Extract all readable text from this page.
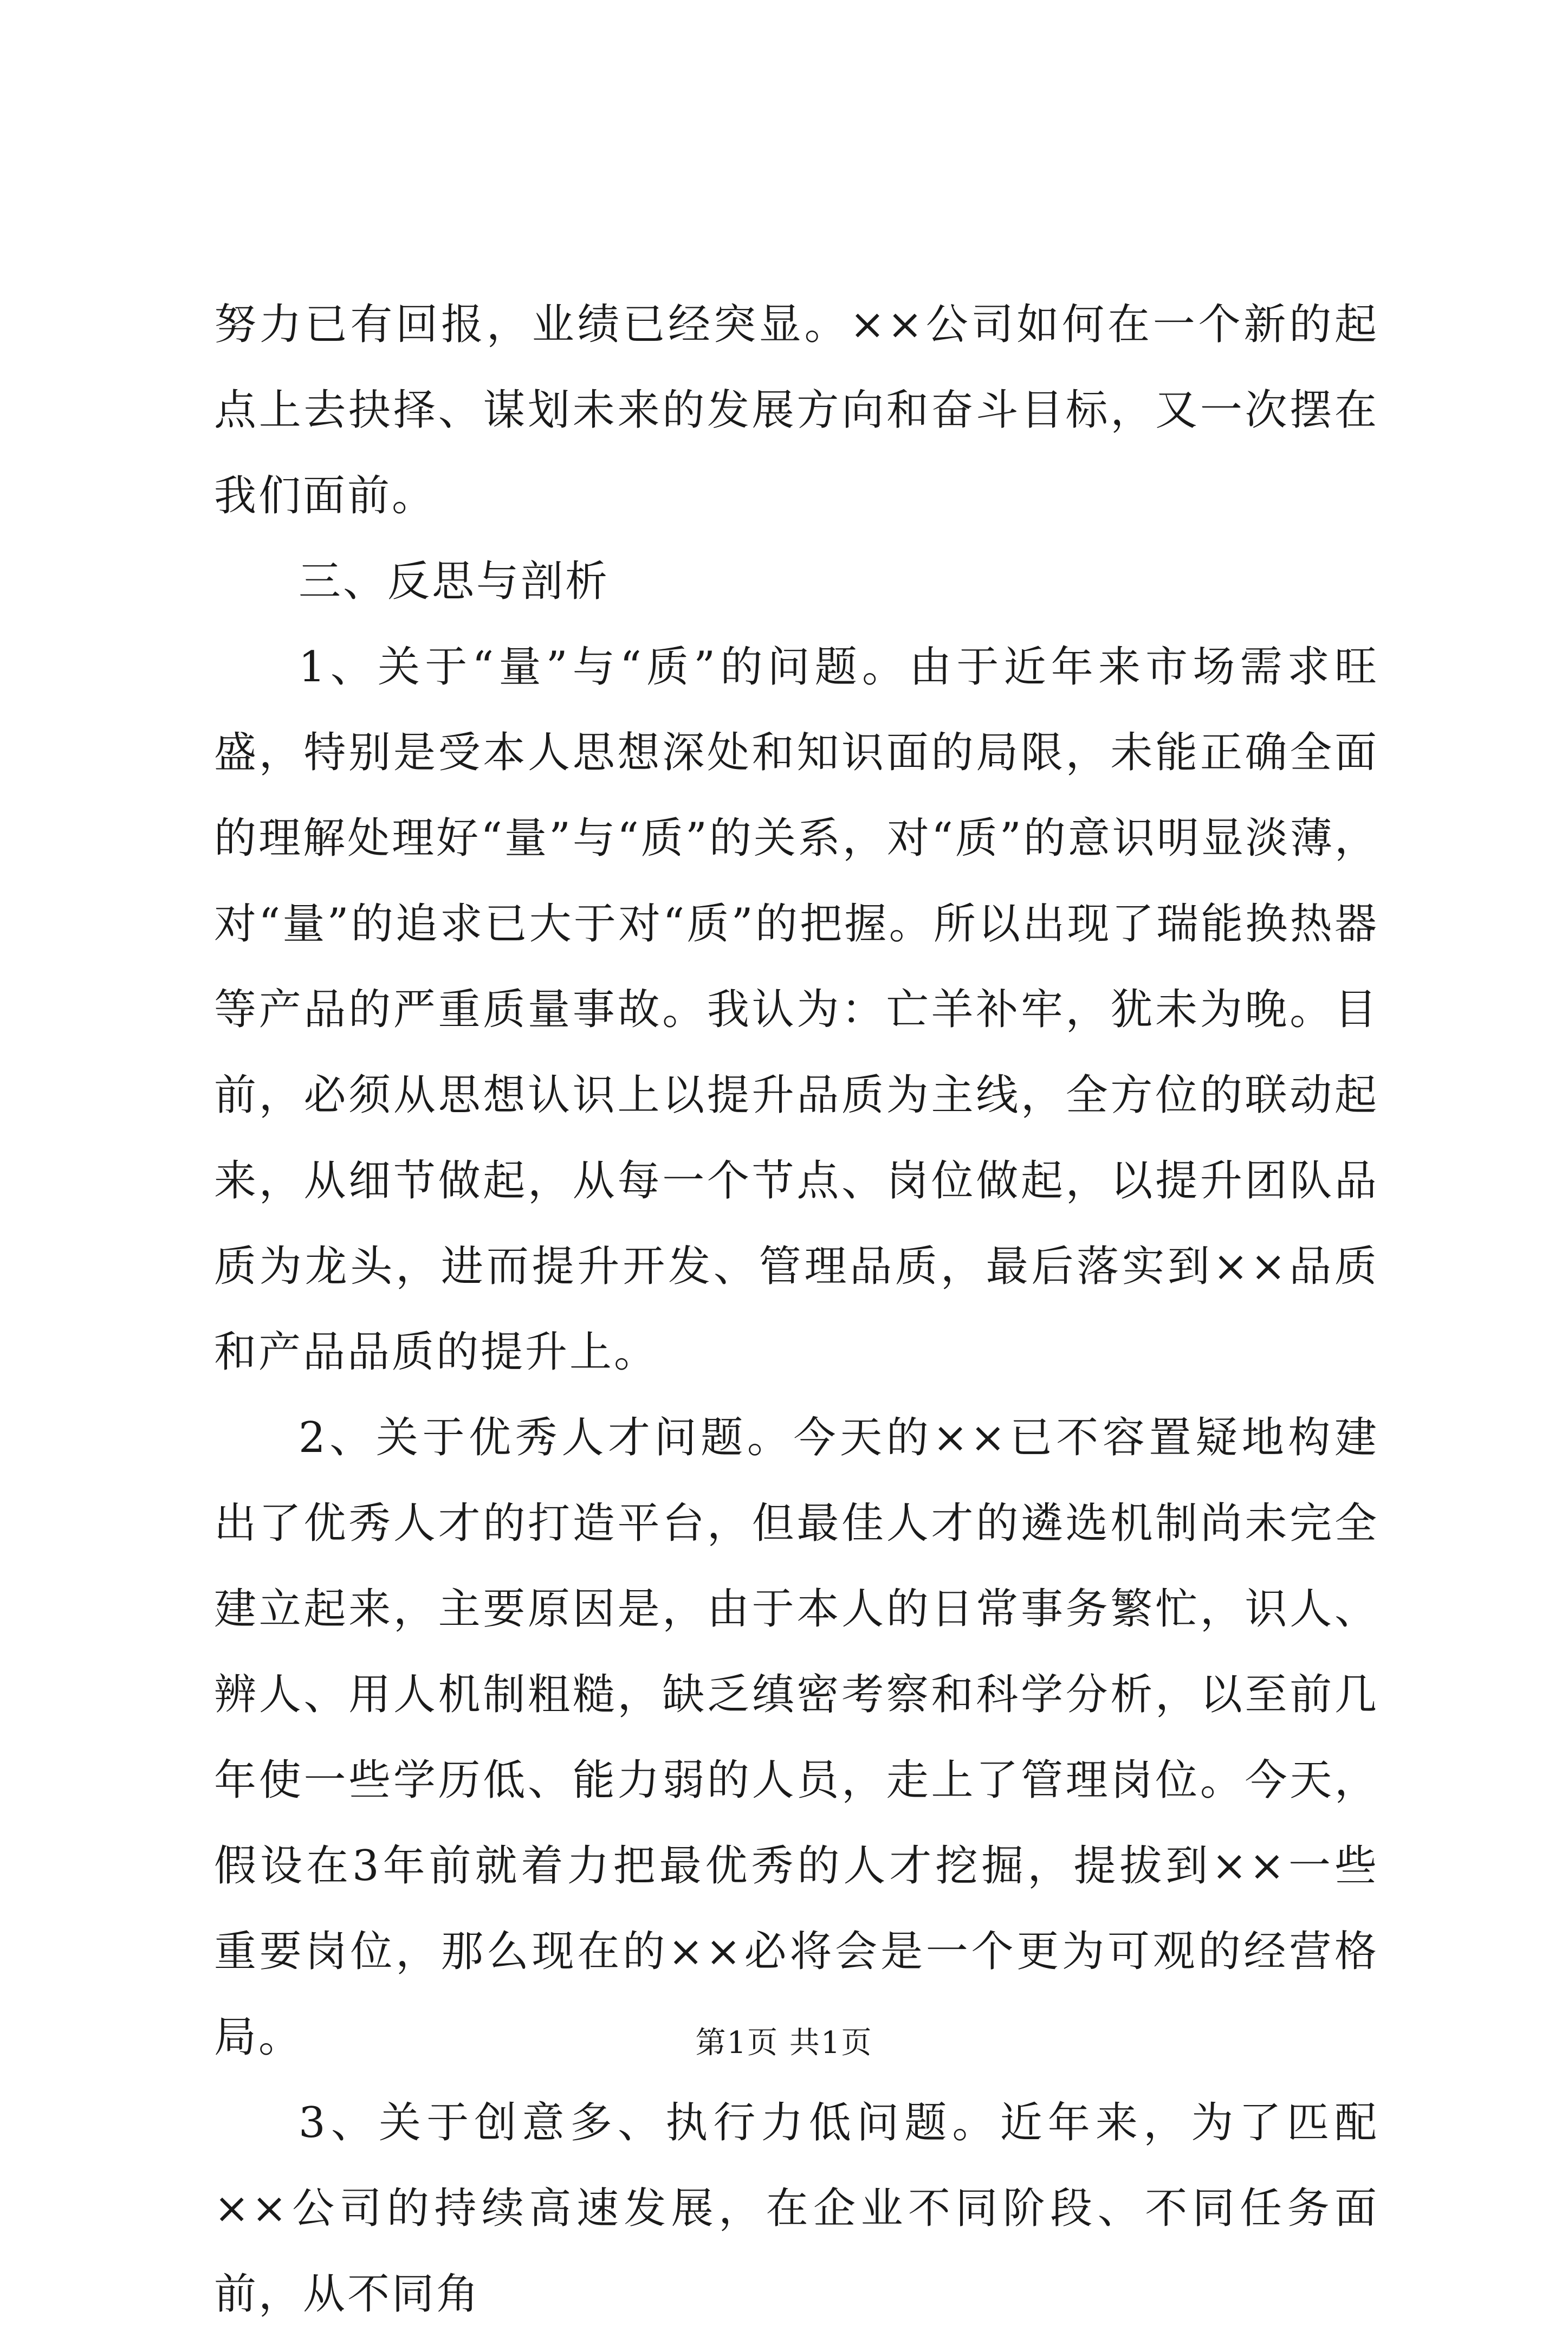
努力已有回报，业绩已经突显。××公司如何在一个新的起点上去抉择、谋划未来的发展方向和奋斗目标，又一次摆在我们面前。

三、反思与剖析

1、关于“量”与“质”的问题。由于近年来市场需求旺盛，特别是受本人思想深处和知识面的局限，未能正确全面的理解处理好“量”与“质”的关系，对“质”的意识明显淡薄，对“量”的追求已大于对“质”的把握。所以出现了瑞能换热器等产品的严重质量事故。我认为：亡羊补牢，犹未为晚。目前，必须从思想认识上以提升品质为主线，全方位的联动起来，从细节做起，从每一个节点、岗位做起，以提升团队品质为龙头，进而提升开发、管理品质，最后落实到××品质和产品品质的提升上。

2、关于优秀人才问题。今天的××已不容置疑地构建出了优秀人才的打造平台，但最佳人才的遴选机制尚未完全建立起来，主要原因是，由于本人的日常事务繁忙，识人、辨人、用人机制粗糙，缺乏缜密考察和科学分析，以至前几年使一些学历低、能力弱的人员，走上了管理岗位。今天，假设在3年前就着力把最优秀的人才挖掘，提拔到××一些重要岗位，那么现在的××必将会是一个更为可观的经营格局。

3、关于创意多、执行力低问题。近年来，为了匹配××公司的持续高速发展，在企业不同阶段、不同任务面前，从不同角

第1页 共1页
